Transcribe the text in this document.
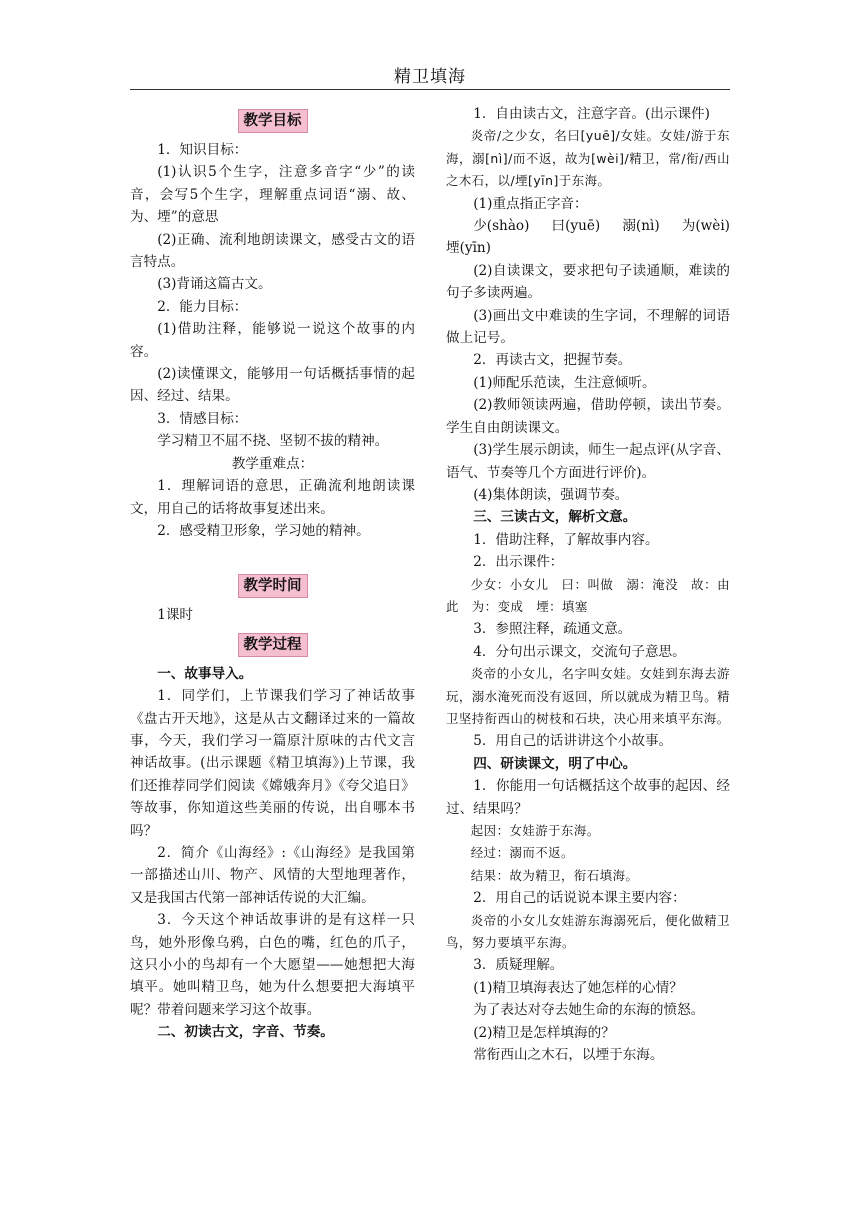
精卫填海
教学目标

1．知识目标：

(1)认识5个生字，注意多音字“少”的读音，会写5个生字，理解重点词语“溺、故、为、堙”的意思

(2)正确、流利地朗读课文，感受古文的语言特点。

(3)背诵这篇古文。

2．能力目标：

(1)借助注释，能够说一说这个故事的内容。

(2)读懂课文，能够用一句话概括事情的起因、经过、结果。

3．情感目标：

学习精卫不屈不挠、坚韧不拔的精神。

教学重难点：

1．理解词语的意思，正确流利地朗读课文，用自己的话将故事复述出来。

2．感受精卫形象，学习她的精神。

教学时间

1课时

教学过程

一、故事导入。

1．同学们，上节课我们学习了神话故事《盘古开天地》，这是从古文翻译过来的一篇故事，今天，我们学习一篇原汁原味的古代文言神话故事。(出示课题《精卫填海》)上节课，我们还推荐同学们阅读《嫦娥奔月》《夸父追日》等故事，你知道这些美丽的传说，出自哪本书吗？

2．简介《山海经》:《山海经》是我国第一部描述山川、物产、风情的大型地理著作，又是我国古代第一部神话传说的大汇编。

3．今天这个神话故事讲的是有这样一只鸟，她外形像乌鸦，白色的嘴，红色的爪子，这只小小的鸟却有一个大愿望——她想把大海填平。她叫精卫鸟，她为什么想要把大海填平呢？带着问题来学习这个故事。

二、初读古文，字音、节奏。

1．自由读古文，注意字音。(出示课件)

炎帝/之少女，名曰[yuē]/女娃。女娃/游于东海，溺[nì]/而不返，故为[wèi]/精卫，常/衔/西山之木石，以/堙[yīn]于东海。

(1)重点指正字音：

少(shào) 曰(yuē) 溺(nì) 为(wèi)

堙(yīn)

(2)自读课文，要求把句子读通顺，难读的句子多读两遍。

(3)画出文中难读的生字词，不理解的词语做上记号。

2．再读古文，把握节奏。

(1)师配乐范读，生注意倾听。

(2)教师领读两遍，借助停顿，读出节奏。学生自由朗读课文。

(3)学生展示朗读，师生一起点评(从字音、语气、节奏等几个方面进行评价)。

(4)集体朗读，强调节奏。

三、三读古文，解析文意。

1．借助注释，了解故事内容。

2．出示课件：

少女：小女儿　曰：叫做　溺：淹没　故：由此　为：变成　堙：填塞

3．参照注释，疏通文意。

4．分句出示课文，交流句子意思。

炎帝的小女儿，名字叫女娃。女娃到东海去游玩，溺水淹死而没有返回，所以就成为精卫鸟。精卫坚持衔西山的树枝和石块，决心用来填平东海。

5．用自己的话讲讲这个小故事。

四、研读课文，明了中心。

1．你能用一句话概括这个故事的起因、经过、结果吗？

起因：女娃游于东海。

经过：溺而不返。

结果：故为精卫，衔石填海。

2．用自己的话说说本课主要内容：

炎帝的小女儿女娃游东海溺死后，便化做精卫鸟，努力要填平东海。

3．质疑理解。

(1)精卫填海表达了她怎样的心情？

为了表达对夺去她生命的东海的愤怒。

(2)精卫是怎样填海的？

常衔西山之木石，以堙于东海。
